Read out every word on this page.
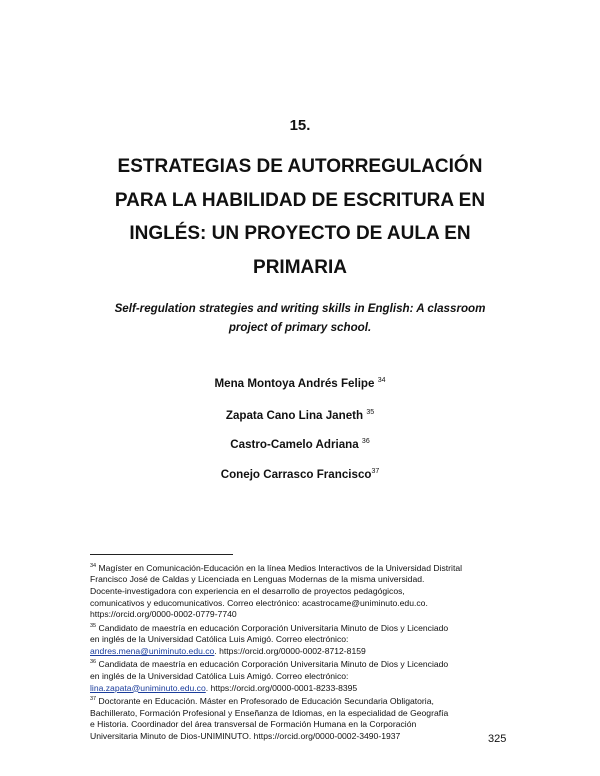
15.
ESTRATEGIAS DE AUTORREGULACIÓN
PARA LA HABILIDAD DE ESCRITURA EN
INGLÉS: UN PROYECTO DE AULA EN
PRIMARIA
Self-regulation strategies and writing skills in English: A classroom
project of primary school.
Mena Montoya Andrés Felipe $^{34}$
Zapata Cano Lina Janeth $^{35}$
Castro-Camelo Adriana $^{36}$
Conejo Carrasco Francisco$^{37}$
$^{34}$ Magíster en Comunicación-Educación en la línea Medios Interactivos de la Universidad Distrital
Francisco José de Caldas y Licenciada en Lenguas Modernas de la misma universidad.
Docente-investigadora con experiencia en el desarrollo de proyectos pedagógicos,
comunicativos y educomunicativos. Correo electrónico: acastrocame@uniminuto.edu.co.
https://orcid.org/0000-0002-0779-7740
$^{35}$ Candidato de maestría en educación Corporación Universitaria Minuto de Dios y Licenciado
en inglés de la Universidad Católica Luis Amigó. Correo electrónico:
andres.mena@uniminuto.edu.co. https://orcid.org/0000-0002-8712-8159
$^{36}$ Candidata de maestría en educación Corporación Universitaria Minuto de Dios y Licenciado
en inglés de la Universidad Católica Luis Amigó. Correo electrónico:
lina.zapata@uniminuto.edu.co. https://orcid.org/0000-0001-8233-8395
$^{37}$ Doctorante en Educación. Máster en Profesorado de Educación Secundaria Obligatoria,
Bachillerato, Formación Profesional y Enseñanza de Idiomas, en la especialidad de Geografía
e Historia. Coordinador del área transversal de Formación Humana en la Corporación
Universitaria Minuto de Dios-UNIMINUTO. https://orcid.org/0000-0002-3490-1937	325
